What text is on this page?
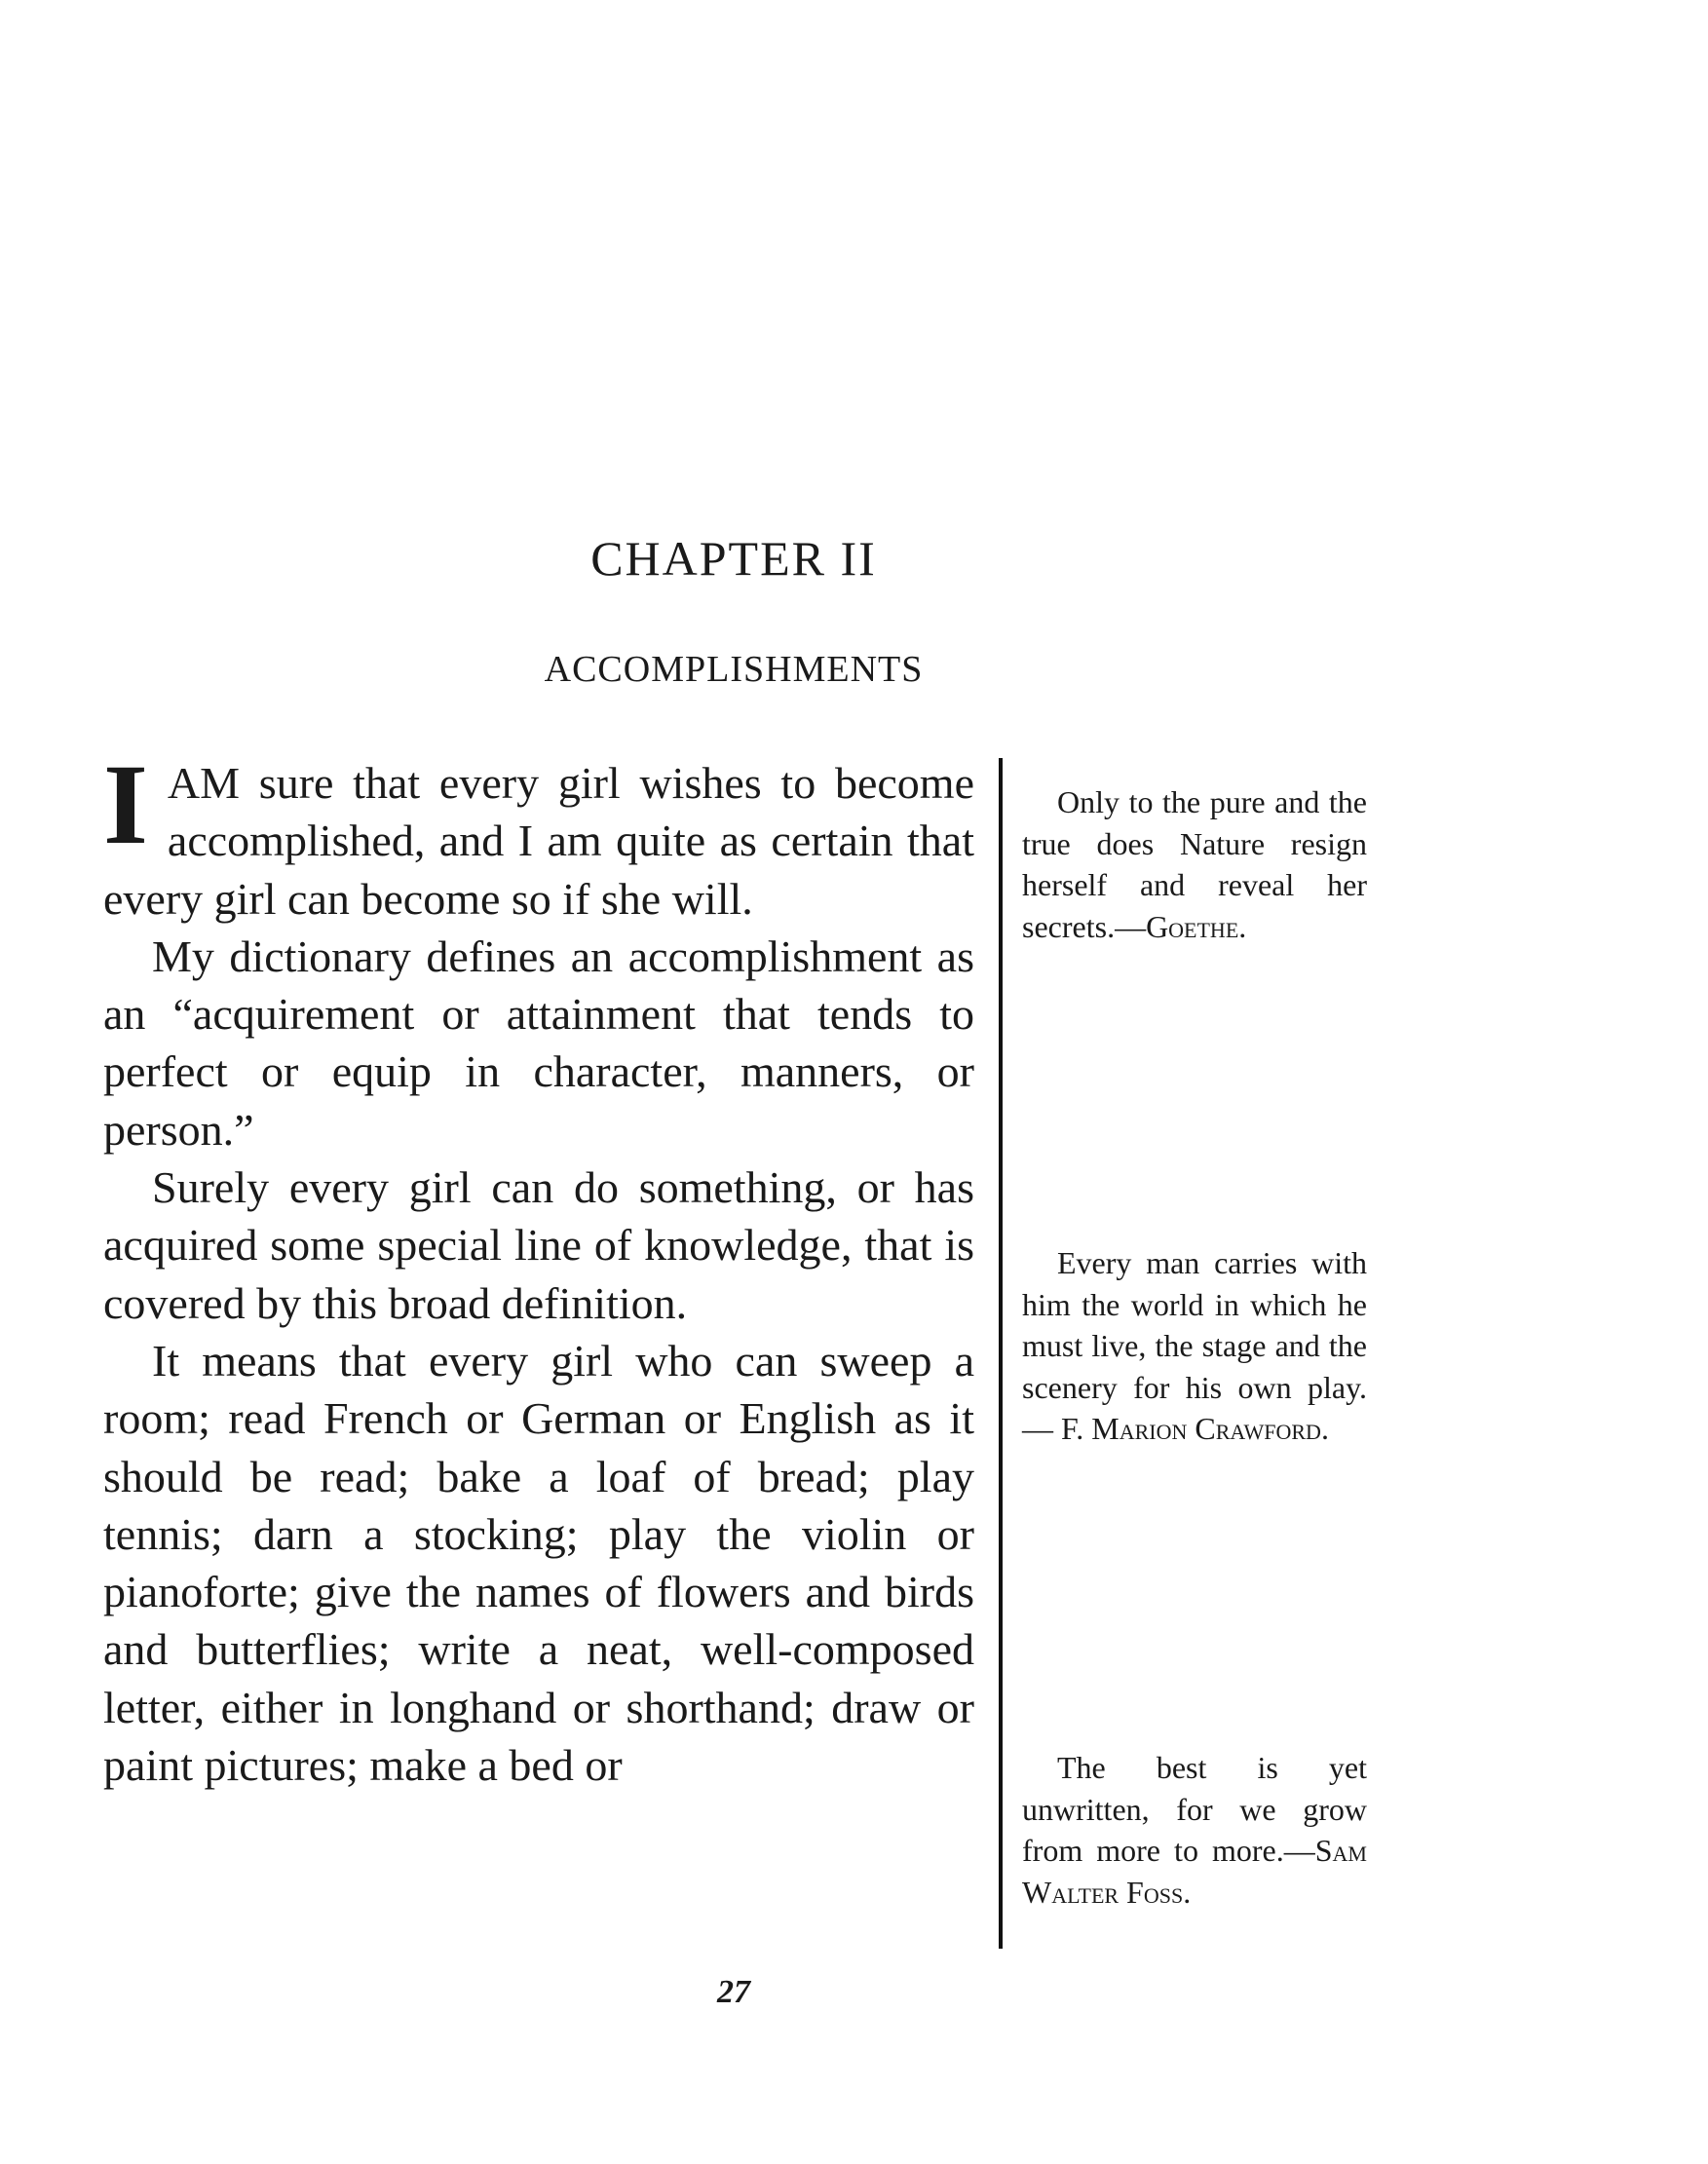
CHAPTER II
ACCOMPLISHMENTS

IAM sure that every girl wishes to become accomplished, and I am quite as certain that every girl can become so if she will.

My dictionary defines an accomplishment as an “acquirement or attainment that tends to perfect or equip in character, manners, or person.”

Surely every girl can do something, or has acquired some special line of knowledge, that is covered by this broad definition.

It means that every girl who can sweep a room; read French or German or English as it should be read; bake a loaf of bread; play tennis; darn a stocking; play the violin or pianoforte; give the names of flowers and birds and butterflies; write a neat, well-composed letter, either in longhand or shorthand; draw or paint pictures; make a bed or

Only to the pure and the true does Nature resign herself and reveal her secrets.—Goethe.
Every man carries with him the world in which he must live, the stage and the scenery for his own play. — F. Marion Crawford.
The best is yet unwritten, for we grow from more to more.—Sam Walter Foss.
27
